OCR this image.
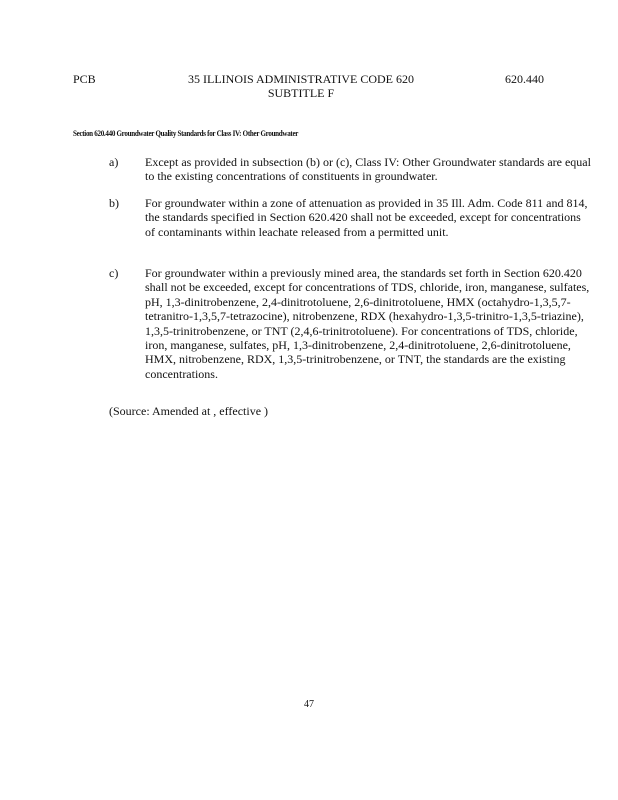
PCB	35 ILLINOIS ADMINISTRATIVE CODE 620
SUBTITLE F
620.440
Section 620.440 Groundwater Quality Standards for Class IV: Other Groundwater
a) Except as provided in subsection (b) or (c), Class IV: Other Groundwater standards are equal to the existing concentrations of constituents in groundwater.
b) For groundwater within a zone of attenuation as provided in 35 Ill. Adm. Code 811 and 814, the standards specified in Section 620.420 shall not be exceeded, except for concentrations of contaminants within leachate released from a permitted unit.
c) For groundwater within a previously mined area, the standards set forth in Section 620.420 shall not be exceeded, except for concentrations of TDS, chloride, iron, manganese, sulfates, pH, 1,3-dinitrobenzene, 2,4-dinitrotoluene, 2,6-dinitrotoluene, HMX (octahydro-1,3,5,7-tetranitro-1,3,5,7-tetrazocine), nitrobenzene, RDX (hexahydro-1,3,5-trinitro-1,3,5-triazine), 1,3,5-trinitrobenzene, or TNT (2,4,6-trinitrotoluene). For concentrations of TDS, chloride, iron, manganese, sulfates, pH, 1,3-dinitrobenzene, 2,4-dinitrotoluene, 2,6-dinitrotoluene, HMX, nitrobenzene, RDX, 1,3,5-trinitrobenzene, or TNT, the standards are the existing concentrations.
(Source: Amended at , effective )
47
